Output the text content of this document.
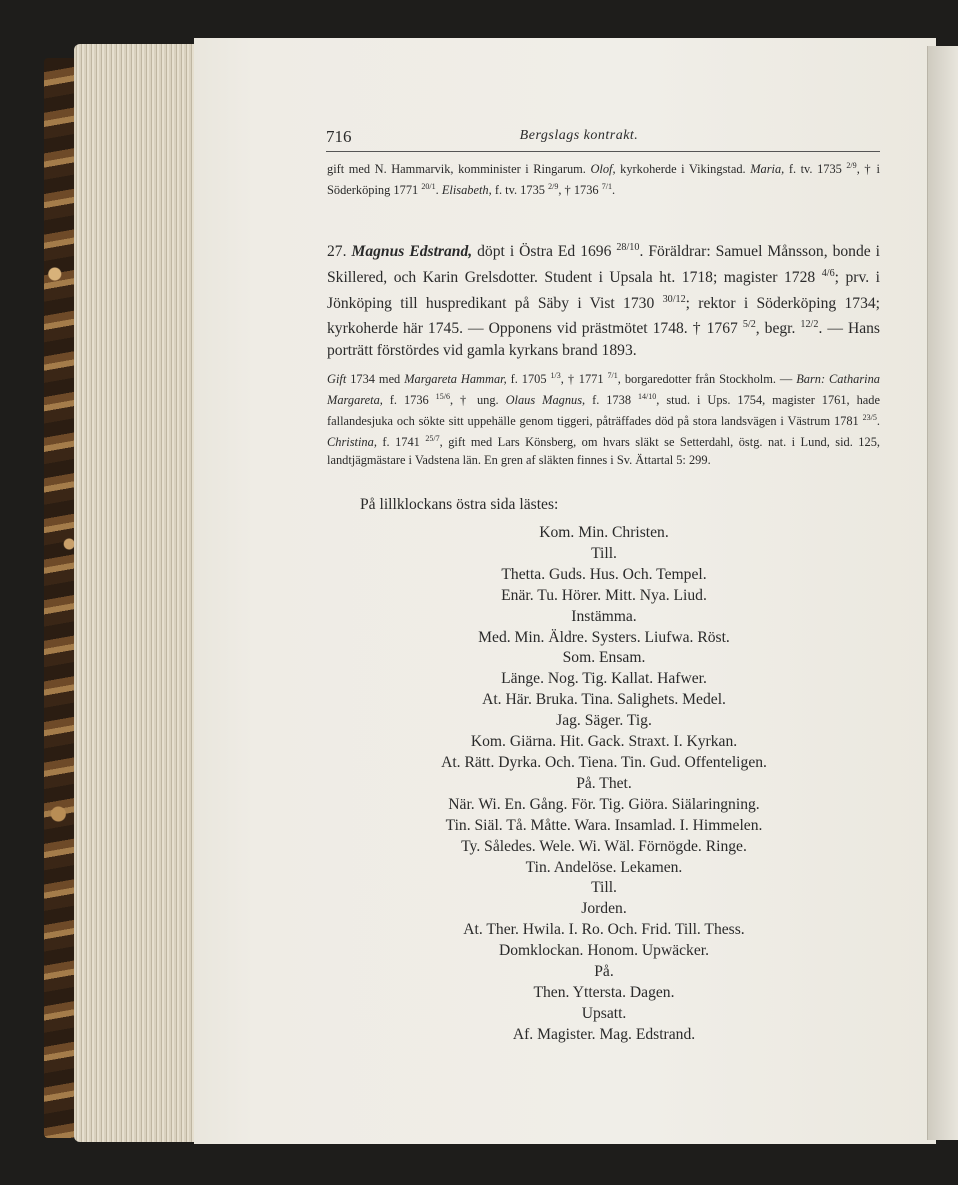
716	Bergslags kontrakt.
gift med N. Hammarvik, komminister i Ringarum. Olof, kyrkoherde i Vikingstad. Maria, f. tv. 1735 $^{2/9}$, † i Söderköping 1771 $^{20/1}$. Elisabeth, f. tv. 1735 $^{2/9}$, † 1736 $^{7/1}$.
27. Magnus Edstrand, döpt i Östra Ed 1696 $^{28/10}$. Föräldrar: Samuel Månsson, bonde i Skillered, och Karin Grelsdotter. Student i Upsala ht. 1718; magister 1728 $^{4/6}$; prv. i Jönköping till huspredikant på Säby i Vist 1730 $^{30/12}$; rektor i Söderköping 1734; kyrkoherde här 1745. — Opponens vid prästmötet 1748. † 1767 $^{5/2}$, begr. $^{12/2}$. — Hans porträtt förstördes vid gamla kyrkans brand 1893.
Gift 1734 med Margareta Hammar, f. 1705 $^{1/3}$, † 1771 $^{7/1}$, borgaredotter från Stockholm. — Barn: Catharina Margareta, f. 1736 $^{15/6}$, † ung. Olaus Magnus, f. 1738 $^{14/10}$, stud. i Ups. 1754, magister 1761, hade fallandesjuka och sökte sitt uppehälle genom tiggeri, påträffades död på stora landsvägen i Västrum 1781 $^{23/5}$. Christina, f. 1741 $^{25/7}$, gift med Lars Könsberg, om hvars släkt se Setterdahl, östg. nat. i Lund, sid. 125, landtjägmästare i Vadstena län. En gren af släkten finnes i Sv. Ättartal 5: 299.
På lillklockans östra sida lästes:
Kom. Min. Christen.
Till.
Thetta. Guds. Hus. Och. Tempel.
Enär. Tu. Hörer. Mitt. Nya. Liud.
Instämma.
Med. Min. Äldre. Systers. Liufwa. Röst.
Som. Ensam.
Länge. Nog. Tig. Kallat. Hafwer.
At. Här. Bruka. Tina. Salighets. Medel.
Jag. Säger. Tig.
Kom. Giärna. Hit. Gack. Straxt. I. Kyrkan.
At. Rätt. Dyrka. Och. Tiena. Tin. Gud. Offenteligen.
På. Thet.
När. Wi. En. Gång. För. Tig. Giöra. Siälaringning.
Tin. Siäl. Tå. Måtte. Wara. Insamlad. I. Himmelen.
Ty. Således. Wele. Wi. Wäl. Förnögde. Ringe.
Tin. Andelöse. Lekamen.
Till.
Jorden.
At. Ther. Hwila. I. Ro. Och. Frid. Till. Thess.
Domklockan. Honom. Upwäcker.
På.
Then. Yttersta. Dagen.
Upsatt.
Af. Magister. Mag. Edstrand.
